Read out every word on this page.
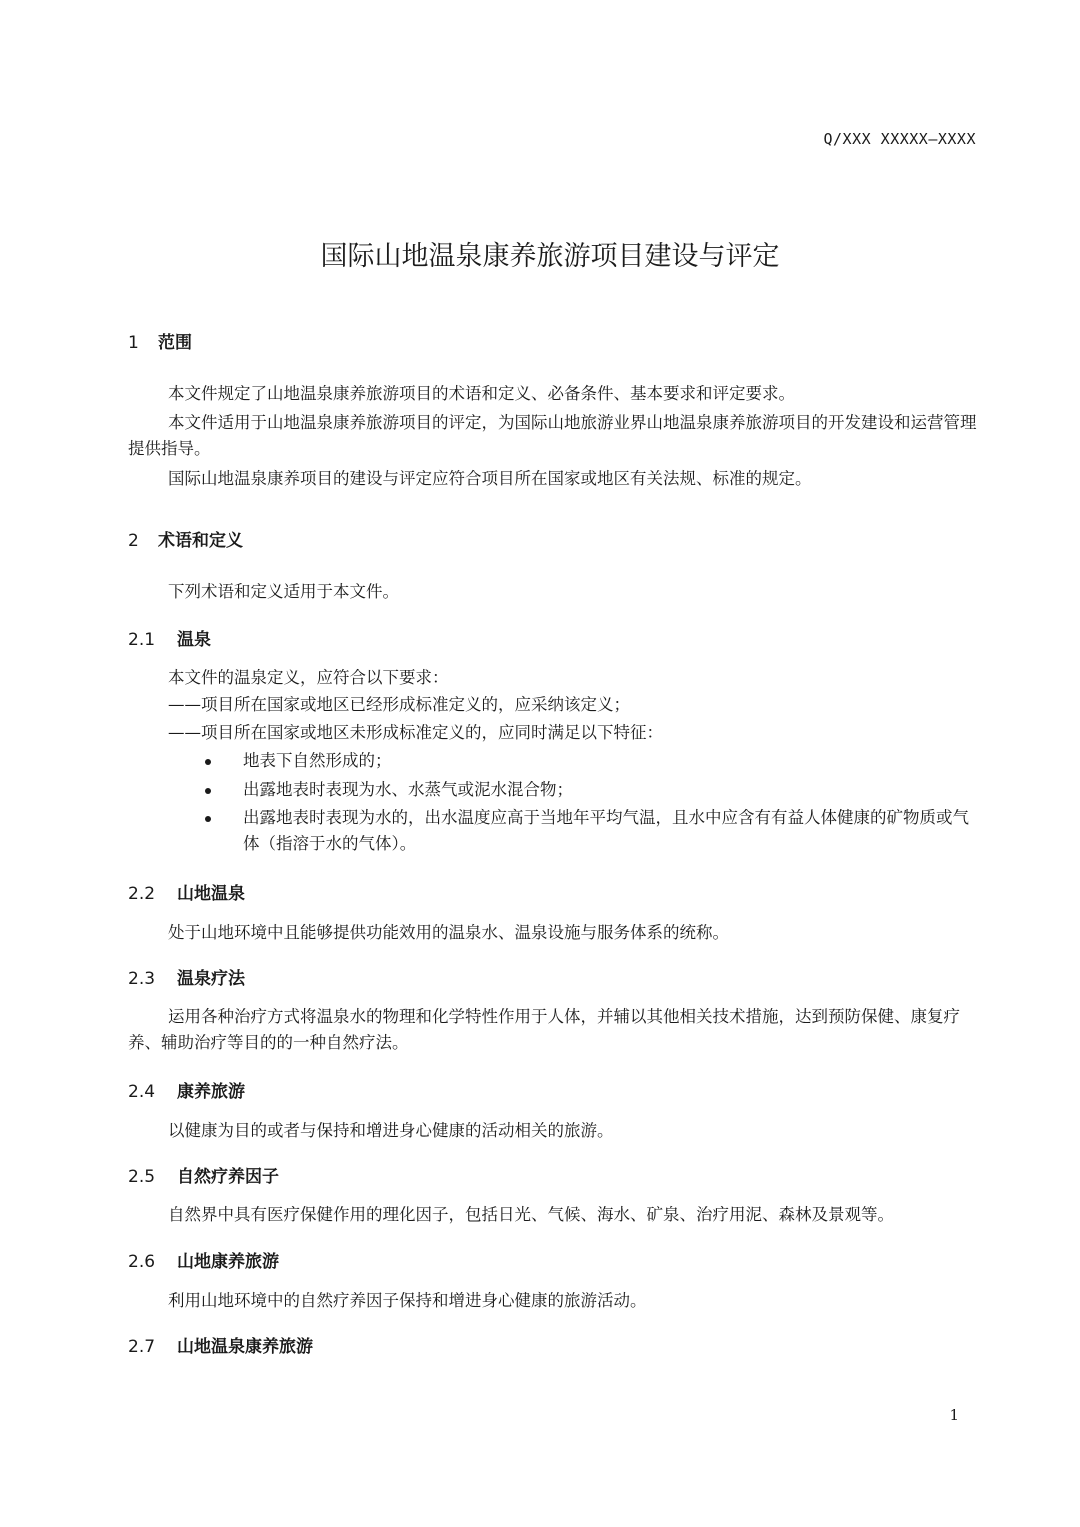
Q/XXX XXXXX—XXXX
国际山地温泉康养旅游项目建设与评定
1 范围

本文件规定了山地温泉康养旅游项目的术语和定义、必备条件、基本要求和评定要求。

本文件适用于山地温泉康养旅游项目的评定，为国际山地旅游业界山地温泉康养旅游项目的开发建设和运营管理提供指导。

国际山地温泉康养项目的建设与评定应符合项目所在国家或地区有关法规、标准的规定。

2 术语和定义
下列术语和定义适用于本文件。
2.1 温泉
本文件的温泉定义，应符合以下要求：
——项目所在国家或地区已经形成标准定义的，应采纳该定义；
——项目所在国家或地区未形成标准定义的，应同时满足以下特征：
地表下自然形成的；
出露地表时表现为水、水蒸气或泥水混合物；
出露地表时表现为水的，出水温度应高于当地年平均气温，且水中应含有有益人体健康的矿物质或气体（指溶于水的气体）。
2.2 山地温泉
处于山地环境中且能够提供功能效用的温泉水、温泉设施与服务体系的统称。
2.3 温泉疗法

运用各种治疗方式将温泉水的物理和化学特性作用于人体，并辅以其他相关技术措施，达到预防保健、康复疗养、辅助治疗等目的的一种自然疗法。

2.4 康养旅游
以健康为目的或者与保持和增进身心健康的活动相关的旅游。
2.5 自然疗养因子
自然界中具有医疗保健作用的理化因子，包括日光、气候、海水、矿泉、治疗用泥、森林及景观等。
2.6 山地康养旅游
利用山地环境中的自然疗养因子保持和增进身心健康的旅游活动。
2.7 山地温泉康养旅游
1
